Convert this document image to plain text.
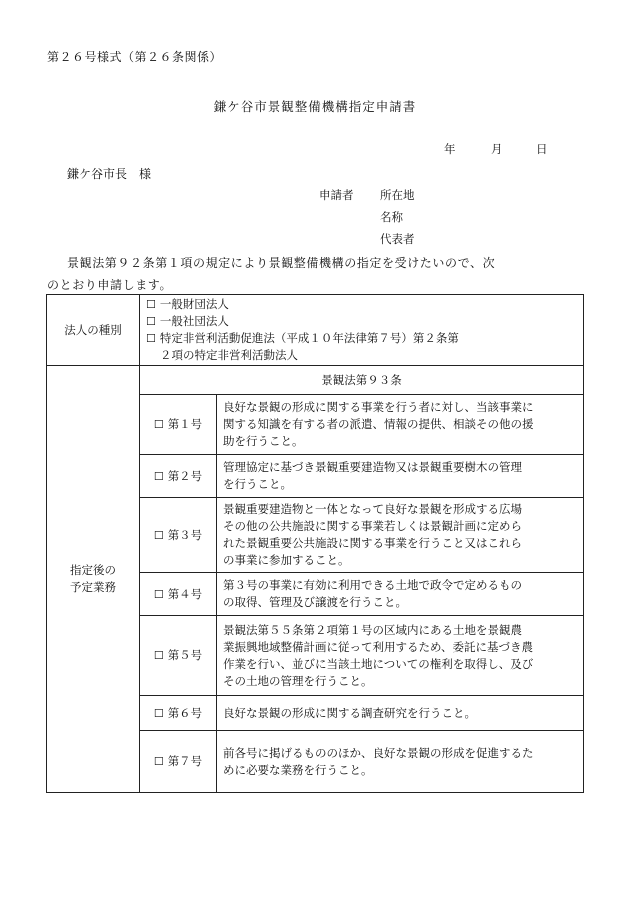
第２６号様式（第２６条関係）
鎌ケ谷市景観整備機構指定申請書
年	月	日
鎌ケ谷市長　様
申請者 所在地
名称
代表者
景観法第９２条第１項の規定により景観整備機構の指定を受けたいので、次
のとおり申請します。
法人の種別	☐ 一般財団法人
☐ 一般社団法人
☐ 特定非営利活動促進法（平成１０年法律第７号）第２条第
２項の特定非営利活動法人	

指定後の
予定業務	景観法第９３条	
	☐ 第１号	良好な景観の形成に関する事業を行う者に対し、当該事業に
関する知識を有する者の派遣、情報の提供、相談その他の援
助を行うこと。
	☐ 第２号	管理協定に基づき景観重要建造物又は景観重要樹木の管理
を行うこと。
	☐ 第３号	景観重要建造物と一体となって良好な景観を形成する広場
その他の公共施設に関する事業若しくは景観計画に定めら
れた景観重要公共施設に関する事業を行うこと又はこれら
の事業に参加すること。
	☐ 第４号	第３号の事業に有効に利用できる土地で政令で定めるもの
の取得、管理及び譲渡を行うこと。
	☐ 第５号	景観法第５５条第２項第１号の区域内にある土地を景観農
業振興地域整備計画に従って利用するため、委託に基づき農
作業を行い、並びに当該土地についての権利を取得し、及び
その土地の管理を行うこと。
	☐ 第６号	良好な景観の形成に関する調査研究を行うこと。
	☐ 第７号	前各号に掲げるもののほか、良好な景観の形成を促進するた
めに必要な業務を行うこと。
